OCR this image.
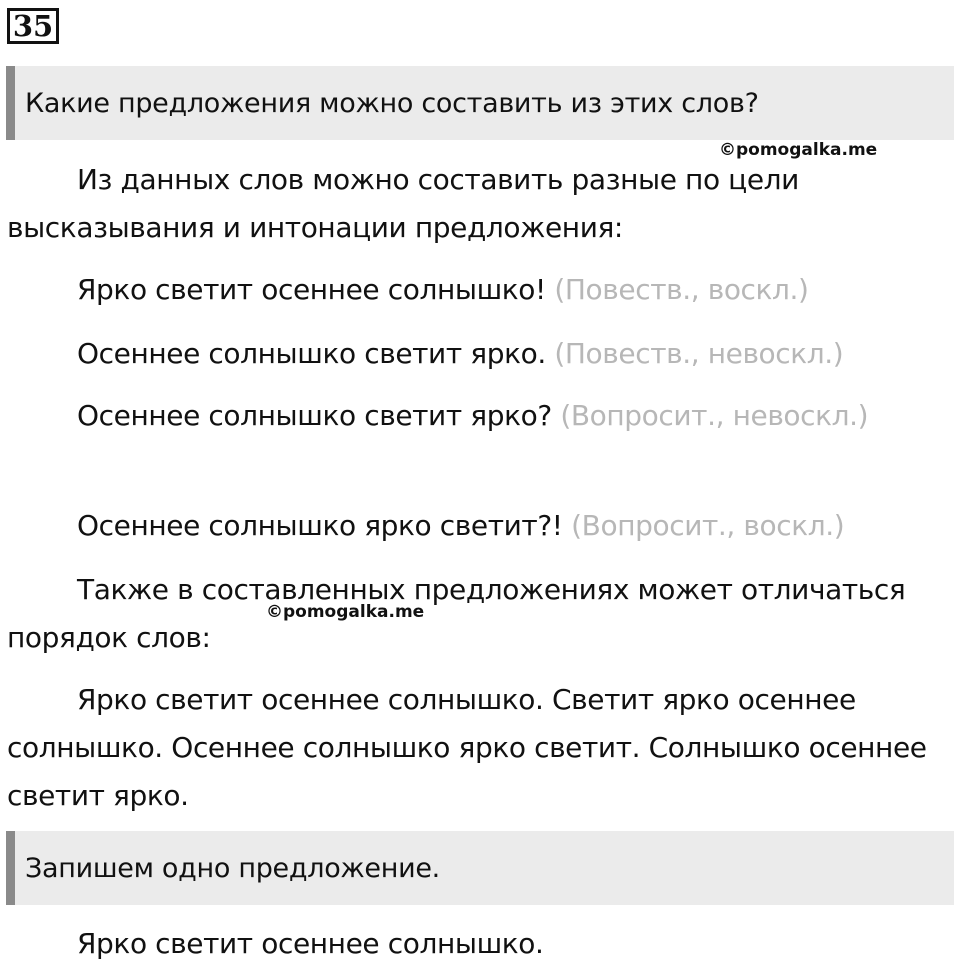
35
Какие предложения можно составить из этих слов?
©pomogalka.me

Из данных слов можно составить разные по цели высказывания и интонации предложения:

Ярко светит осеннее солнышко! (Повеств., воскл.)

Осеннее солнышко светит ярко. (Повеств., невоскл.)

Осеннее солнышко светит ярко? (Вопросит., невоскл.)

Осеннее солнышко ярко светит?! (Вопросит., воскл.)

Также в составленных предложениях может отличаться порядок слов:

©pomogalka.me

Ярко светит осеннее солнышко. Светит ярко осеннее солнышко. Осеннее солнышко ярко светит. Солнышко осеннее светит ярко.

Запишем одно предложение.

Ярко светит осеннее солнышко.
